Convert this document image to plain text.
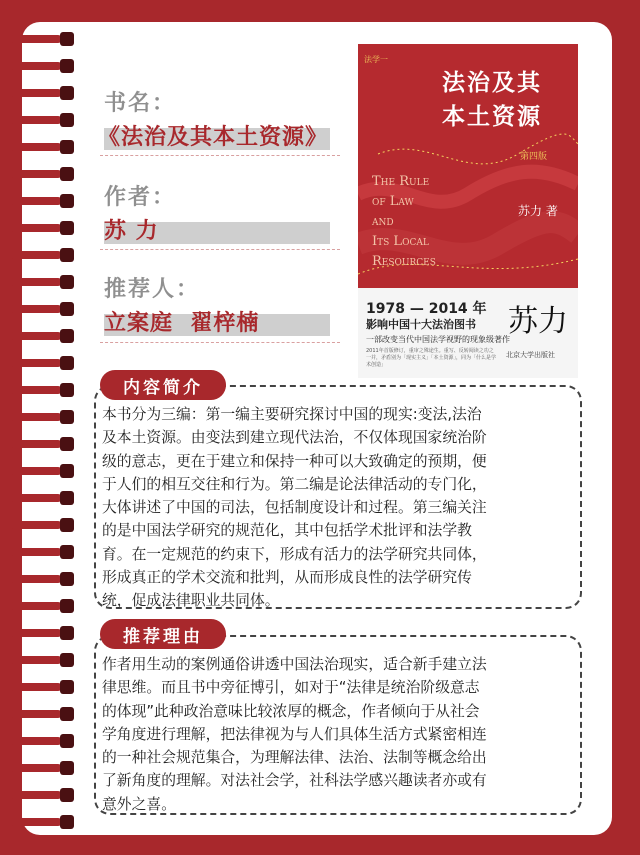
书名：
《法治及其本土资源》
作者：
苏 力
推荐人：
立案庭  翟梓楠
法学一
法治及其
本土资源
第四版
The Rule
of Law
and
Its Local
Resources
苏力 著
1978 — 2014 年
影响中国十大法治图书
一部改变当代中国法学视野的现象级著作
2011年首版修订，重审之殊途生。重写、反转阅读之功之一并，矛盾别为「现实主义」「本土资源」，同为「什么是学术创造」
苏力
北京大学出版社
本书分为三编：第一编主要研究探讨中国的现实:变法,法治
及本土资源。由变法到建立现代法治，不仅体现国家统治阶
级的意志，更在于建立和保持一种可以大致确定的预期，便
于人们的相互交往和行为。第二编是论法律活动的专门化，
大体讲述了中国的司法，包括制度设计和过程。第三编关注
的是中国法学研究的规范化，其中包括学术批评和法学教
育。在一定规范的约束下，形成有活力的法学研究共同体，
形成真正的学术交流和批判，从而形成良性的法学研究传
统，促成法律职业共同体。
内容简介
作者用生动的案例通俗讲透中国法治现实，适合新手建立法
律思维。而且书中旁征博引，如对于“法律是统治阶级意志
的体现”此种政治意味比较浓厚的概念，作者倾向于从社会
学角度进行理解，把法律视为与人们具体生活方式紧密相连
的一种社会规范集合，为理解法律、法治、法制等概念给出
了新角度的理解。对法社会学，社科法学感兴趣读者亦或有
意外之喜。
推荐理由
